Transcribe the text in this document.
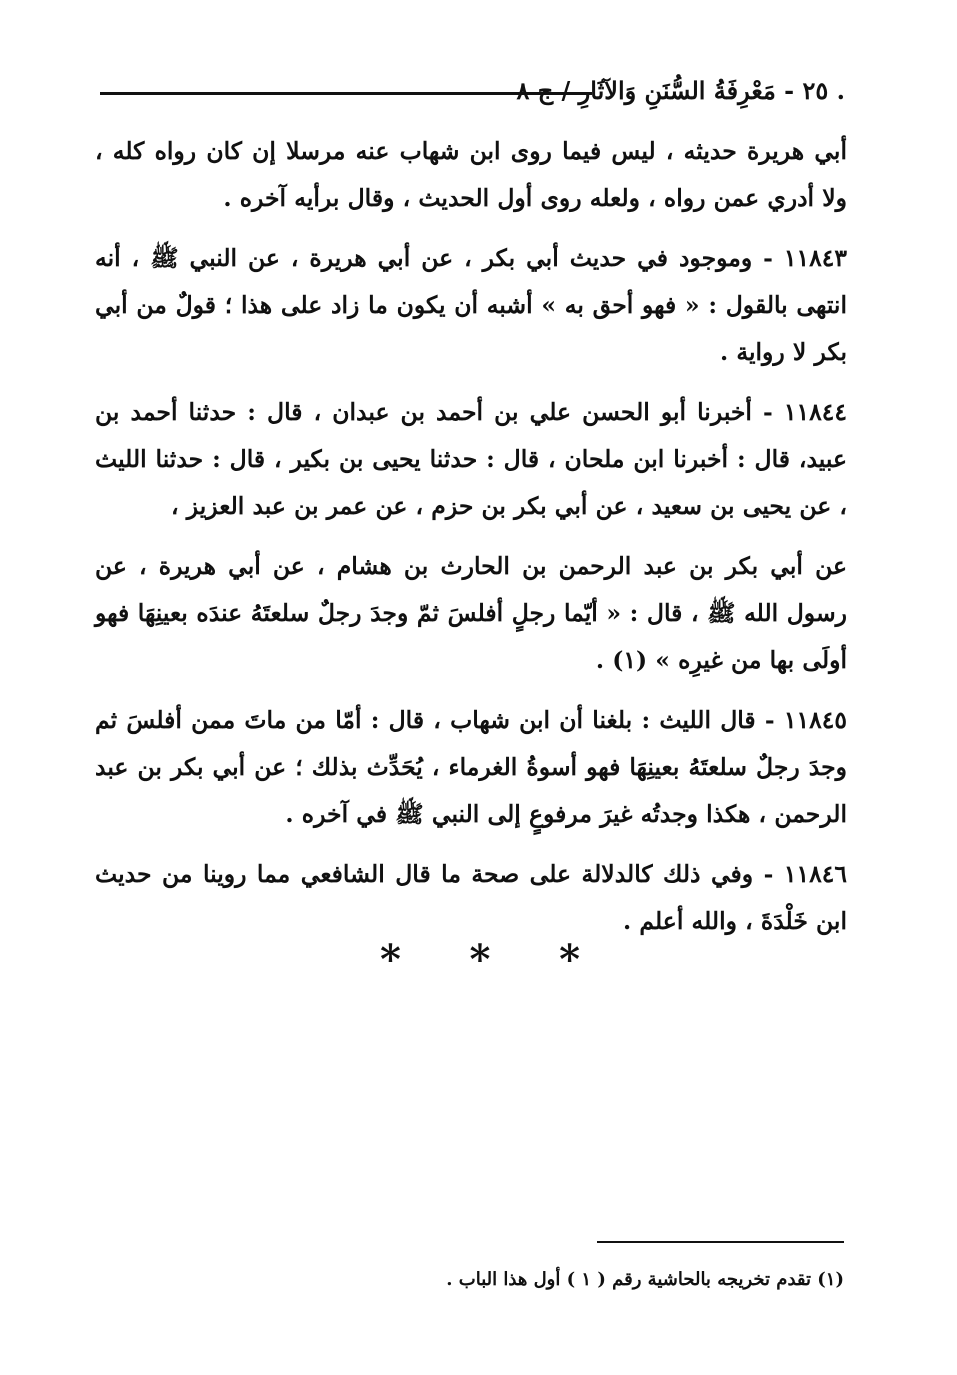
. ٢٥ - مَعْرِفَةُ السُّنَنِ وَالآثَارِ / ج ٨

أبي هريرة حديثه ، ليس فيما روى ابن شهاب عنه مرسلا إن كان رواه كله ، ولا أدري عمن رواه ، ولعله روى أول الحديث ، وقال برأيه آخره .

١١٨٤٣ - وموجود في حديث أبي بكر ، عن أبي هريرة ، عن النبي ﷺ ، أنه انتهى بالقول : « فهو أحق به » أشبه أن يكون ما زاد على هذا ؛ قولٌ من أبي بكر لا رواية .

١١٨٤٤ - أخبرنا أبو الحسن علي بن أحمد بن عبدان ، قال : حدثنا أحمد بن عبيد، قال : أخبرنا ابن ملحان ، قال : حدثنا يحيى بن بكير ، قال : حدثنا الليث ، عن يحيى بن سعيد ، عن أبي بكر بن حزم ، عن عمر بن عبد العزيز ،

عن أبي بكر بن عبد الرحمن بن الحارث بن هشام ، عن أبي هريرة ، عن رسول الله ﷺ ، قال : « أيّما رجلٍ أفلسَ ثمّ وجدَ رجلٌ سلعتَهُ عندَه بعينِهَا فهو أولَى بها من غيرِه » (١) .

١١٨٤٥ - قال الليث : بلغنا أن ابن شهاب ، قال : أمّا من ماتَ ممن أفلسَ ثم وجدَ رجلٌ سلعتَهُ بعينِهَا فهو أسوةُ الغرماء ، يُحَدِّث بذلك ؛ عن أبي بكر بن عبد الرحمن ، هكذا وجدتُه غيرَ مرفوعٍ إلى النبي ﷺ في آخره .

١١٨٤٦ - وفي ذلك كالدلالة على صحة ما قال الشافعي مما روينا من حديث ابن خَلْدَةَ ، والله أعلم .

* * *
(١) تقدم تخريجه بالحاشية رقم ( ١ ) أول هذا الباب .
